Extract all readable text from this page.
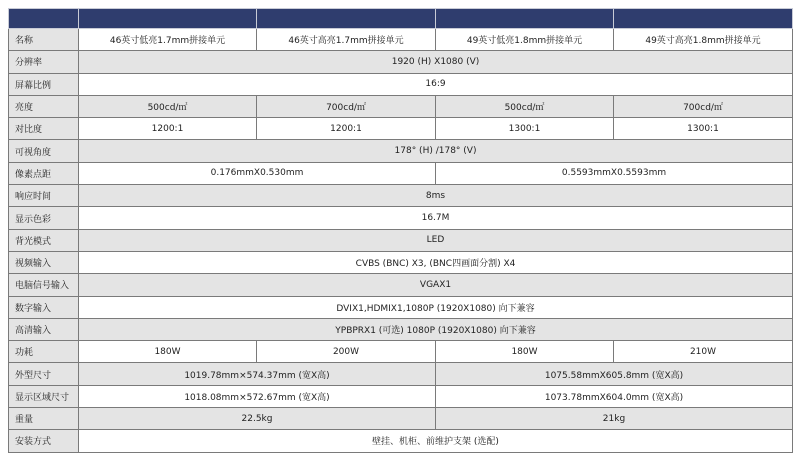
名称	46英寸低亮1.7mm拼接单元	46英寸高亮1.7mm拼接单元	49英寸低亮1.8mm拼接单元	49英寸高亮1.8mm拼接单元
分辨率	1920 (H) X1080 (V)			
屏幕比例	16:9			
亮度	500cd/㎡	700cd/㎡	500cd/㎡	700cd/㎡
对比度	1200:1	1200:1	1300:1	1300:1
可视角度	178° (H) /178° (V)			
像素点距	0.176mmX0.530mm		0.5593mmX0.5593mm	
响应时间	8ms			
显示色彩	16.7M			
背光模式	LED			
视频输入	CVBS (BNC) X3, (BNC四画面分割) X4			
电脑信号输入	VGAX1			
数字输入	DVIX1,HDMIX1,1080P (1920X1080) 向下兼容			
高清输入	YPBPRX1 (可选) 1080P (1920X1080) 向下兼容			
功耗	180W	200W	180W	210W
外型尺寸	1019.78mm×574.37mm (宽X高)		1075.58mmX605.8mm (宽X高)	
显示区域尺寸	1018.08mm×572.67mm (宽X高)		1073.78mmX604.0mm (宽X高)	
重量	22.5kg		21kg	
安装方式	壁挂、机柜、前维护支架 (选配)			
